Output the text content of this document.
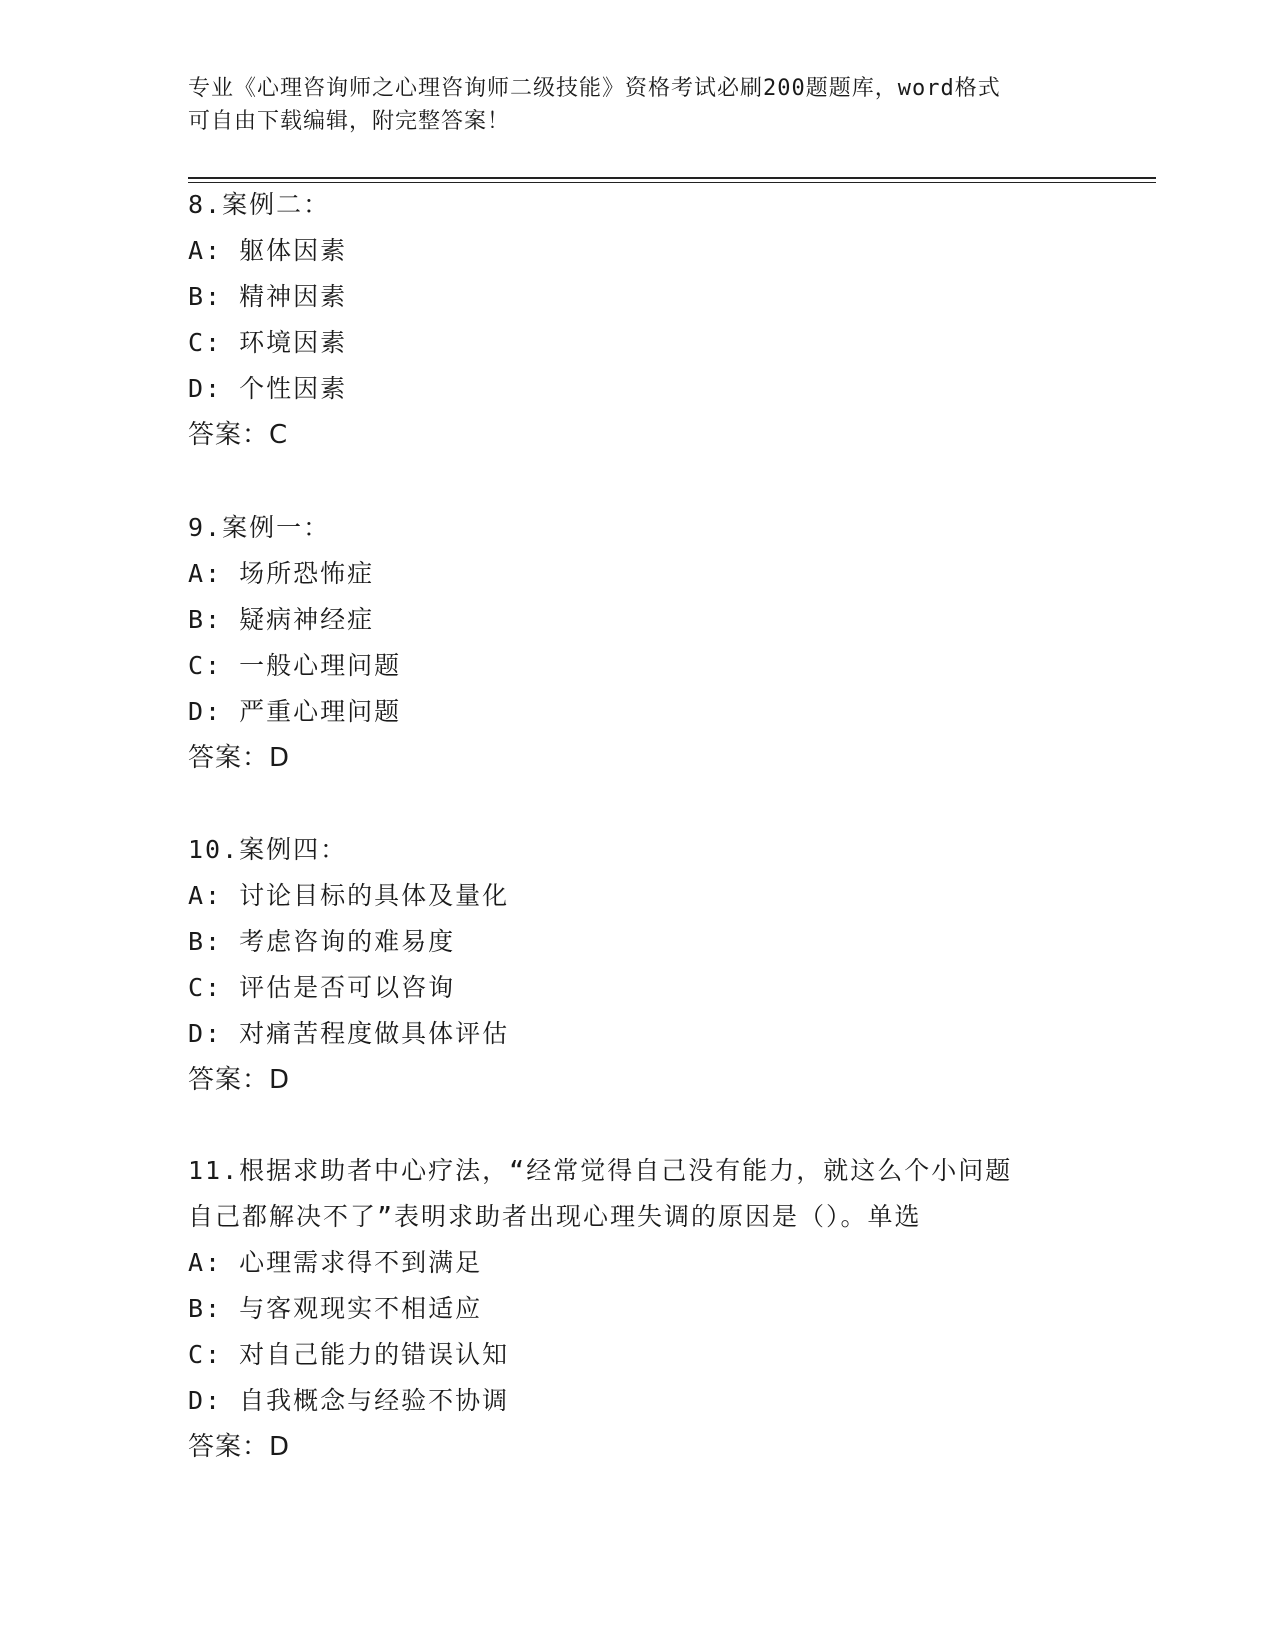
专业《心理咨询师之心理咨询师二级技能》资格考试必刷200题题库，word格式
可自由下载编辑，附完整答案！
8.案例二：
A: 躯体因素
B: 精神因素
C: 环境因素
D: 个性因素
答案：C
9.案例一：
A: 场所恐怖症
B: 疑病神经症
C: 一般心理问题
D: 严重心理问题
答案：D
10.案例四：
A: 讨论目标的具体及量化
B: 考虑咨询的难易度
C: 评估是否可以咨询
D: 对痛苦程度做具体评估
答案：D
11.根据求助者中心疗法，“经常觉得自己没有能力，就这么个小问题
自己都解决不了”表明求助者出现心理失调的原因是（）。单选
A: 心理需求得不到满足
B: 与客观现实不相适应
C: 对自己能力的错误认知
D: 自我概念与经验不协调
答案：D
